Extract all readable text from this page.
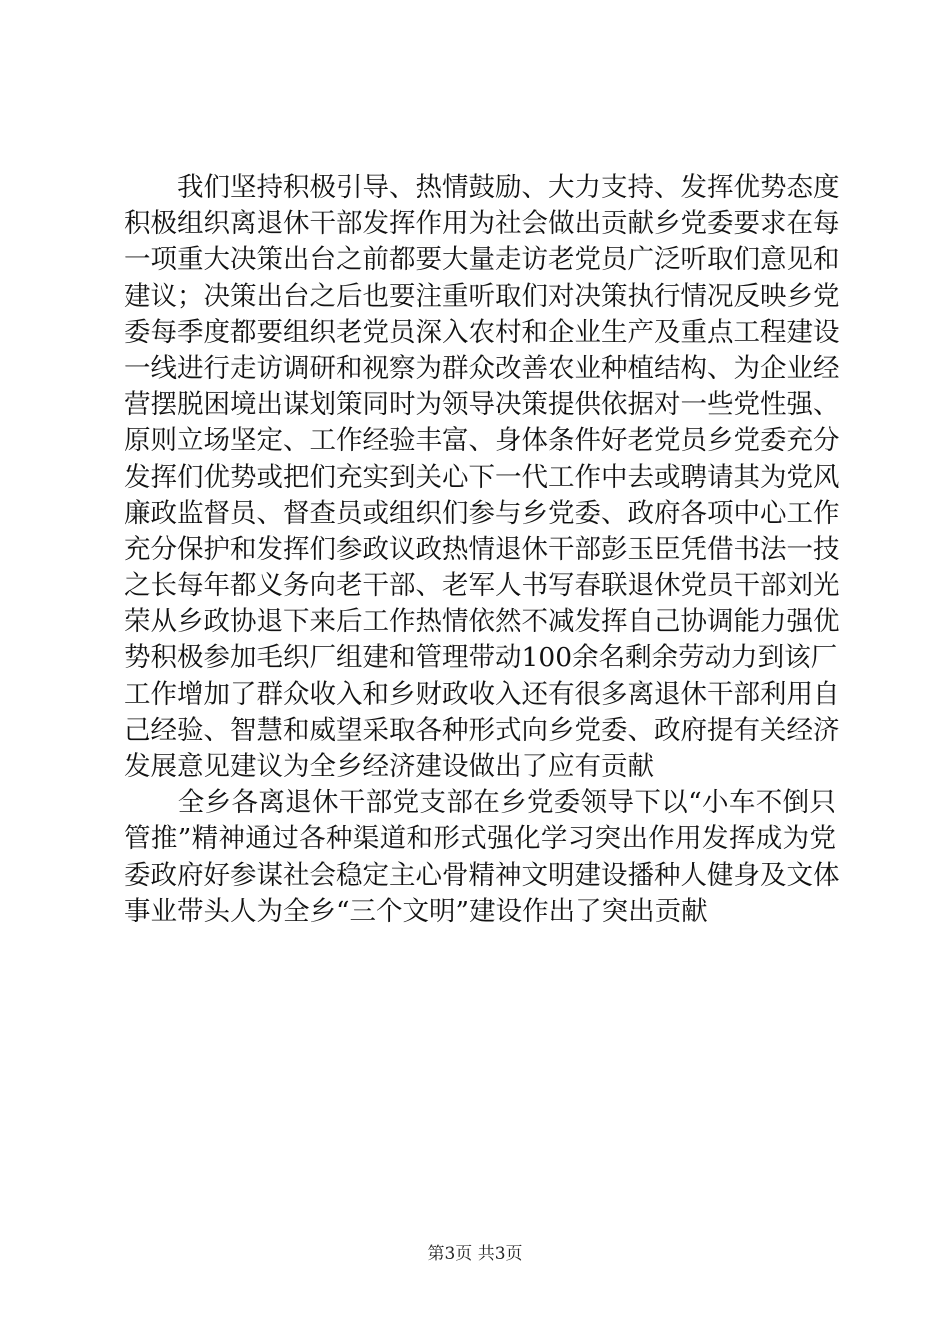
　　我们坚持积极引导、热情鼓励、大力支持、发挥优势态度
积极组织离退休干部发挥作用为社会做出贡献乡党委要求在每
一项重大决策出台之前都要大量走访老党员广泛听取们意见和
建议；决策出台之后也要注重听取们对决策执行情况反映乡党
委每季度都要组织老党员深入农村和企业生产及重点工程建设
一线进行走访调研和视察为群众改善农业种植结构、为企业经
营摆脱困境出谋划策同时为领导决策提供依据对一些党性强、
原则立场坚定、工作经验丰富、身体条件好老党员乡党委充分
发挥们优势或把们充实到关心下一代工作中去或聘请其为党风
廉政监督员、督查员或组织们参与乡党委、政府各项中心工作
充分保护和发挥们参政议政热情退休干部彭玉臣凭借书法一技
之长每年都义务向老干部、老军人书写春联退休党员干部刘光
荣从乡政协退下来后工作热情依然不减发挥自己协调能力强优
势积极参加毛织厂组建和管理带动100余名剩余劳动力到该厂
工作增加了群众收入和乡财政收入还有很多离退休干部利用自
己经验、智慧和威望采取各种形式向乡党委、政府提有关经济
发展意见建议为全乡经济建设做出了应有贡献
　　全乡各离退休干部党支部在乡党委领导下以“小车不倒只
管推”精神通过各种渠道和形式强化学习突出作用发挥成为党
委政府好参谋社会稳定主心骨精神文明建设播种人健身及文体
事业带头人为全乡“三个文明”建设作出了突出贡献
第3页 共3页
